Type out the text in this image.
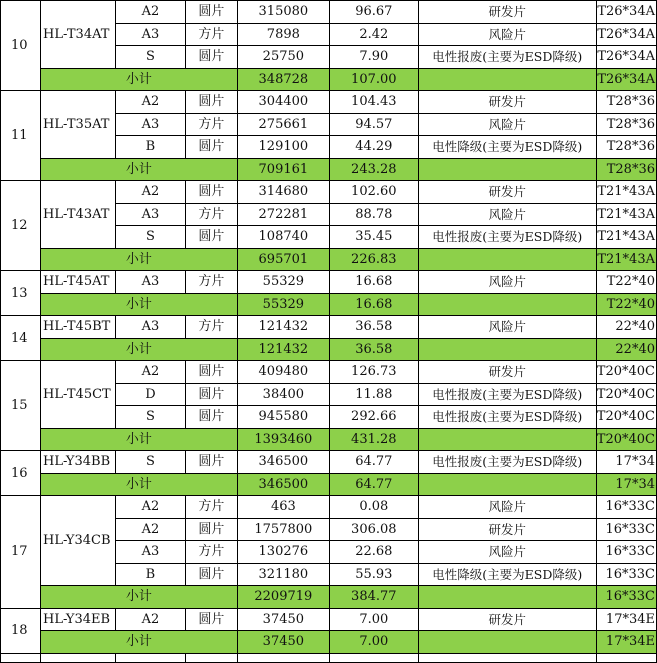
10	HL-T34AT	A2	圆片	315080	96.67	研发片	T26*34A
		A3	方片	7898	2.42	风险片	T26*34A
		S	圆片	25750	7.90	电性报废(主要为ESD降级)	T26*34A
	小计			348728	107.00		T26*34A
11	HL-T35AT	A2	圆片	304400	104.43	研发片	T28*36
		A3	方片	275661	94.57	风险片	T28*36
		B	圆片	129100	44.29	电性降级(主要为ESD降级)	T28*36
	小计			709161	243.28		T28*36
12	HL-T43AT	A2	圆片	314680	102.60	研发片	T21*43A
		A3	方片	272281	88.78	风险片	T21*43A
		S	圆片	108740	35.45	电性报废(主要为ESD降级)	T21*43A
	小计			695701	226.83		T21*43A
13	HL-T45AT	A3	方片	55329	16.68	风险片	T22*40
	小计			55329	16.68		T22*40
14	HL-T45BT	A3	方片	121432	36.58	风险片	22*40
	小计			121432	36.58		22*40
15	HL-T45CT	A2	圆片	409480	126.73	研发片	T20*40C
		D	圆片	38400	11.88	电性报废(主要为ESD降级)	T20*40C
		S	圆片	945580	292.66	电性报废(主要为ESD降级)	T20*40C
	小计			1393460	431.28		T20*40C
16	HL-Y34BB	S	圆片	346500	64.77	电性报废(主要为ESD降级)	17*34
	小计			346500	64.77		17*34
17	HL-Y34CB	A2	方片	463	0.08	风险片	16*33C
		A2	圆片	1757800	306.08	研发片	16*33C
		A3	方片	130276	22.68	风险片	16*33C
		B	圆片	321180	55.93	电性降级(主要为ESD降级)	16*33C
	小计			2209719	384.77		16*33C
18	HL-Y34EB	A2	圆片	37450	7.00	研发片	17*34E
	小计			37450	7.00		17*34E
